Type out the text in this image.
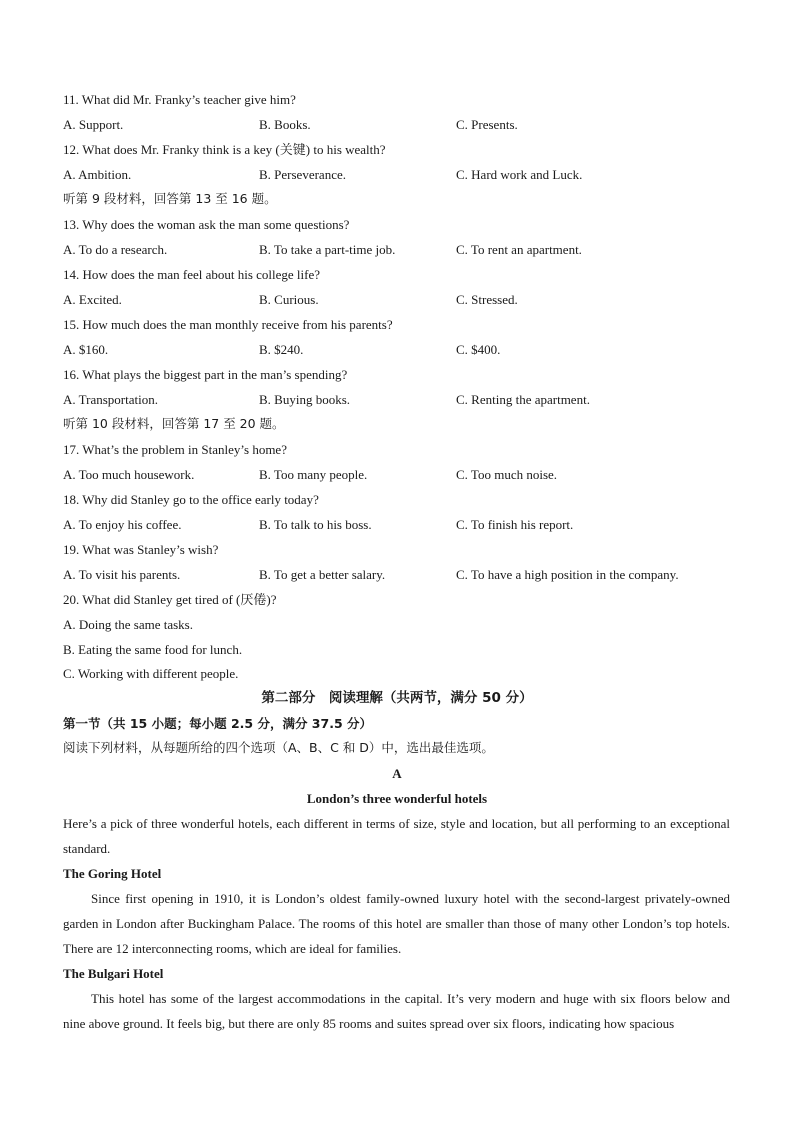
11. What did Mr. Franky’s teacher give him?
A. Support.	B. Books.	C. Presents.
12. What does Mr. Franky think is a key (关键) to his wealth?
A. Ambition.	B. Perseverance.	C. Hard work and Luck.
听第 9 段材料，回答第 13 至 16 题。
13. Why does the woman ask the man some questions?
A. To do a research.	B. To take a part-time job.	C. To rent an apartment.
14. How does the man feel about his college life?
A. Excited.	B. Curious.	C. Stressed.
15. How much does the man monthly receive from his parents?
A. $160.	B. $240.	C. $400.
16. What plays the biggest part in the man’s spending?
A. Transportation.	B. Buying books.	C. Renting the apartment.
听第 10 段材料，回答第 17 至 20 题。
17. What’s the problem in Stanley’s home?
A. Too much housework.	B. Too many people.	C. Too much noise.
18. Why did Stanley go to the office early today?
A. To enjoy his coffee.	B. To talk to his boss.	C. To finish his report.
19. What was Stanley’s wish?
A. To visit his parents.	B. To get a better salary.	C. To have a high position in the company.
20. What did Stanley get tired of (厌倦)?
A. Doing the same tasks.
B. Eating the same food for lunch.
C. Working with different people.
第二部分　阅读理解（共两节，满分 50 分）
第一节（共 15 小题；每小题 2.5 分，满分 37.5 分）
阅读下列材料，从每题所给的四个选项（A、B、C 和 D）中，选出最佳选项。
A
London’s three wonderful hotels
Here’s a pick of three wonderful hotels, each different in terms of size, style and location, but all performing to an exceptional standard.
The Goring Hotel
Since first opening in 1910, it is London’s oldest family-owned luxury hotel with the second-largest privately-owned garden in London after Buckingham Palace. The rooms of this hotel are smaller than those of many other London’s top hotels. There are 12 interconnecting rooms, which are ideal for families.
The Bulgari Hotel
This hotel has some of the largest accommodations in the capital. It’s very modern and huge with six floors below and nine above ground. It feels big, but there are only 85 rooms and suites spread over six floors, indicating how spacious
